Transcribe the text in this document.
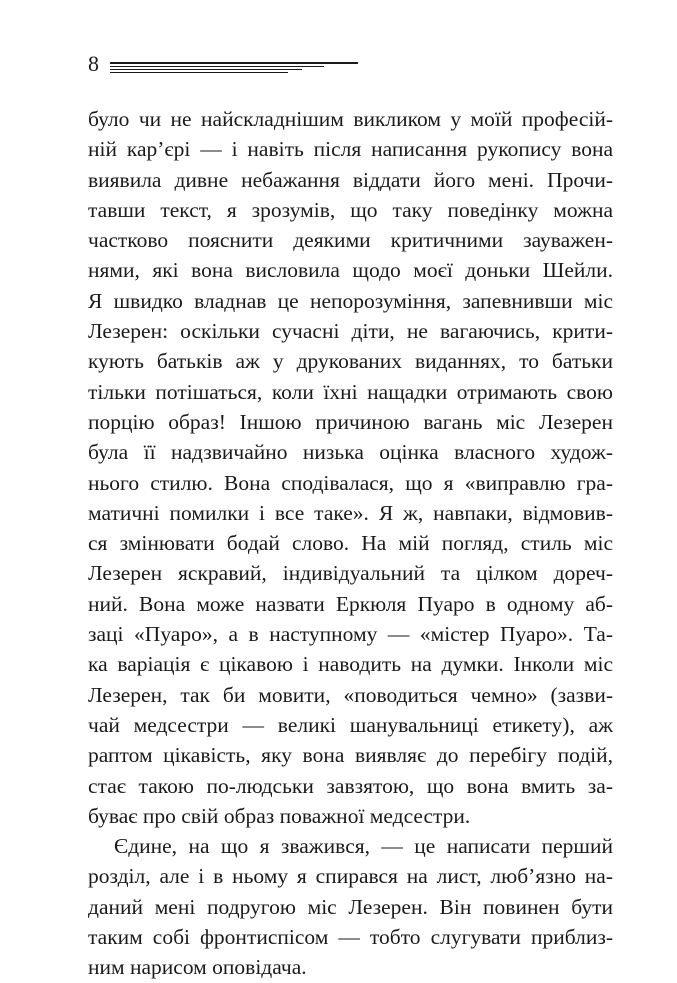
8
було чи не найскладнішим викликом у моїй професій-
ній кар’єрі — і навіть після написання рукопису вона
виявила дивне небажання віддати його мені. Прочи-
тавши текст, я зрозумів, що таку поведінку можна
частково пояснити деякими критичними зауважен-
нями, які вона висловила щодо моєї доньки Шейли.
Я швидко владнав це непорозуміння, запевнивши міс
Лезерен: оскільки сучасні діти, не вагаючись, крити-
кують батьків аж у друкованих виданнях, то батьки
тільки потішаться, коли їхні нащадки отримають свою
порцію образ! Іншою причиною вагань міс Лезерен
була її надзвичайно низька оцінка власного худож-
нього стилю. Вона сподівалася, що я «виправлю гра-
матичні помилки і все таке». Я ж, навпаки, відмовив-
ся змінювати бодай слово. На мій погляд, стиль міс
Лезерен яскравий, індивідуальний та цілком дореч-
ний. Вона може назвати Еркюля Пуаро в одному аб-
заці «Пуаро», а в наступному — «містер Пуаро». Та-
ка варіація є цікавою і наводить на думки. Інколи міс
Лезерен, так би мовити, «поводиться чемно» (зазви-
чай медсестри — великі шанувальниці етикету), аж
раптом цікавість, яку вона виявляє до перебігу подій,
стає такою по-людськи завзятою, що вона вмить за-
буває про свій образ поважної медсестри.
Єдине, на що я зважився, — це написати перший
розділ, але і в ньому я спирався на лист, люб’язно на-
даний мені подругою міс Лезерен. Він повинен бути
таким собі фронтиспісом — тобто слугувати приблиз-
ним нарисом оповідача.
